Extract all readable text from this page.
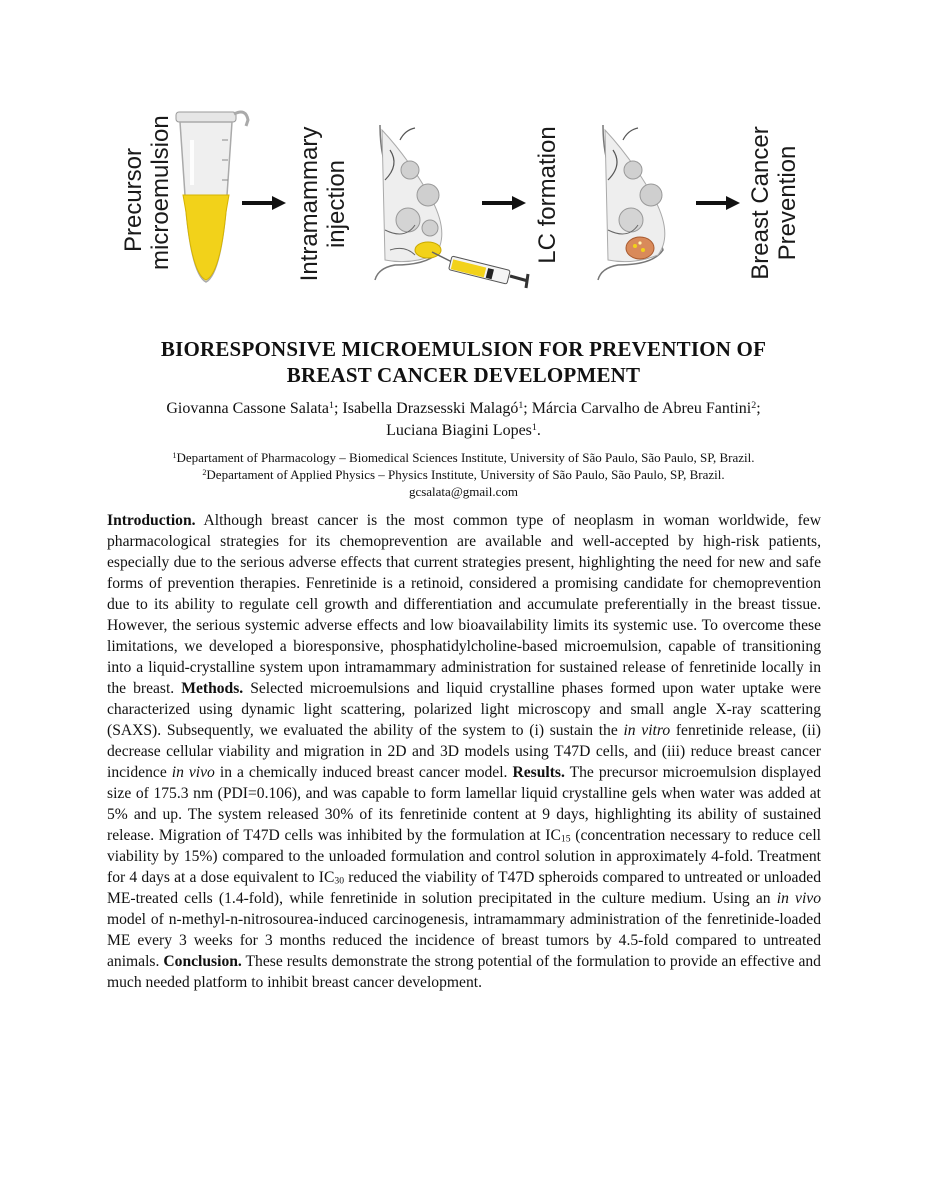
Precursor microemulsion	Intramammary injection	LC formation	Breast Cancer Prevention
BIORESPONSIVE MICROEMULSION FOR PREVENTION OF
BREAST CANCER DEVELOPMENT
Giovanna Cassone Salata$^1$; Isabella Drazsesski Malagó$^1$; Márcia Carvalho de Abreu Fantini$^2$;
Luciana Biagini Lopes$^1$.

$^1$Departament of Pharmacology – Biomedical Sciences Institute, University of São Paulo, São Paulo, SP, Brazil.

$^2$Departament of Applied Physics – Physics Institute, University of São Paulo, São Paulo, SP, Brazil.

gcsalata@gmail.com

Introduction. Although breast cancer is the most common type of neoplasm in woman worldwide, few pharmacological strategies for its chemoprevention are available and well-accepted by high-risk patients, especially due to the serious adverse effects that current strategies present, highlighting the need for new and safe forms of prevention therapies. Fenretinide is a retinoid, considered a promising candidate for chemoprevention due to its ability to regulate cell growth and differentiation and accumulate preferentially in the breast tissue. However, the serious systemic adverse effects and low bioavailability limits its systemic use. To overcome these limitations, we developed a bioresponsive, phosphatidylcholine-based microemulsion, capable of transitioning into a liquid-crystalline system upon intramammary administration for sustained release of fenretinide locally in the breast. Methods. Selected microemulsions and liquid crystalline phases formed upon water uptake were characterized using dynamic light scattering, polarized light microscopy and small angle X-ray scattering (SAXS). Subsequently, we evaluated the ability of the system to (i) sustain the in vitro fenretinide release, (ii) decrease cellular viability and migration in 2D and 3D models using T47D cells, and (iii) reduce breast cancer incidence in vivo in a chemically induced breast cancer model. Results. The precursor microemulsion displayed size of 175.3 nm (PDI=0.106), and was capable to form lamellar liquid crystalline gels when water was added at 5% and up. The system released 30% of its fenretinide content at 9 days, highlighting its ability of sustained release. Migration of T47D cells was inhibited by the formulation at $IC_{15}$ (concentration necessary to reduce cell viability by 15%) compared to the unloaded formulation and control solution in approximately 4-fold. Treatment for 4 days at a dose equivalent to $IC_{30}$ reduced the viability of T47D spheroids compared to untreated or unloaded ME-treated cells (1.4-fold), while fenretinide in solution precipitated in the culture medium. Using an in vivo model of n-methyl-n-nitrosourea-induced carcinogenesis, intramammary administration of the fenretinide-loaded ME every 3 weeks for 3 months reduced the incidence of breast tumors by 4.5-fold compared to untreated animals. Conclusion. These results demonstrate the strong potential of the formulation to provide an effective and much needed platform to inhibit breast cancer development.
